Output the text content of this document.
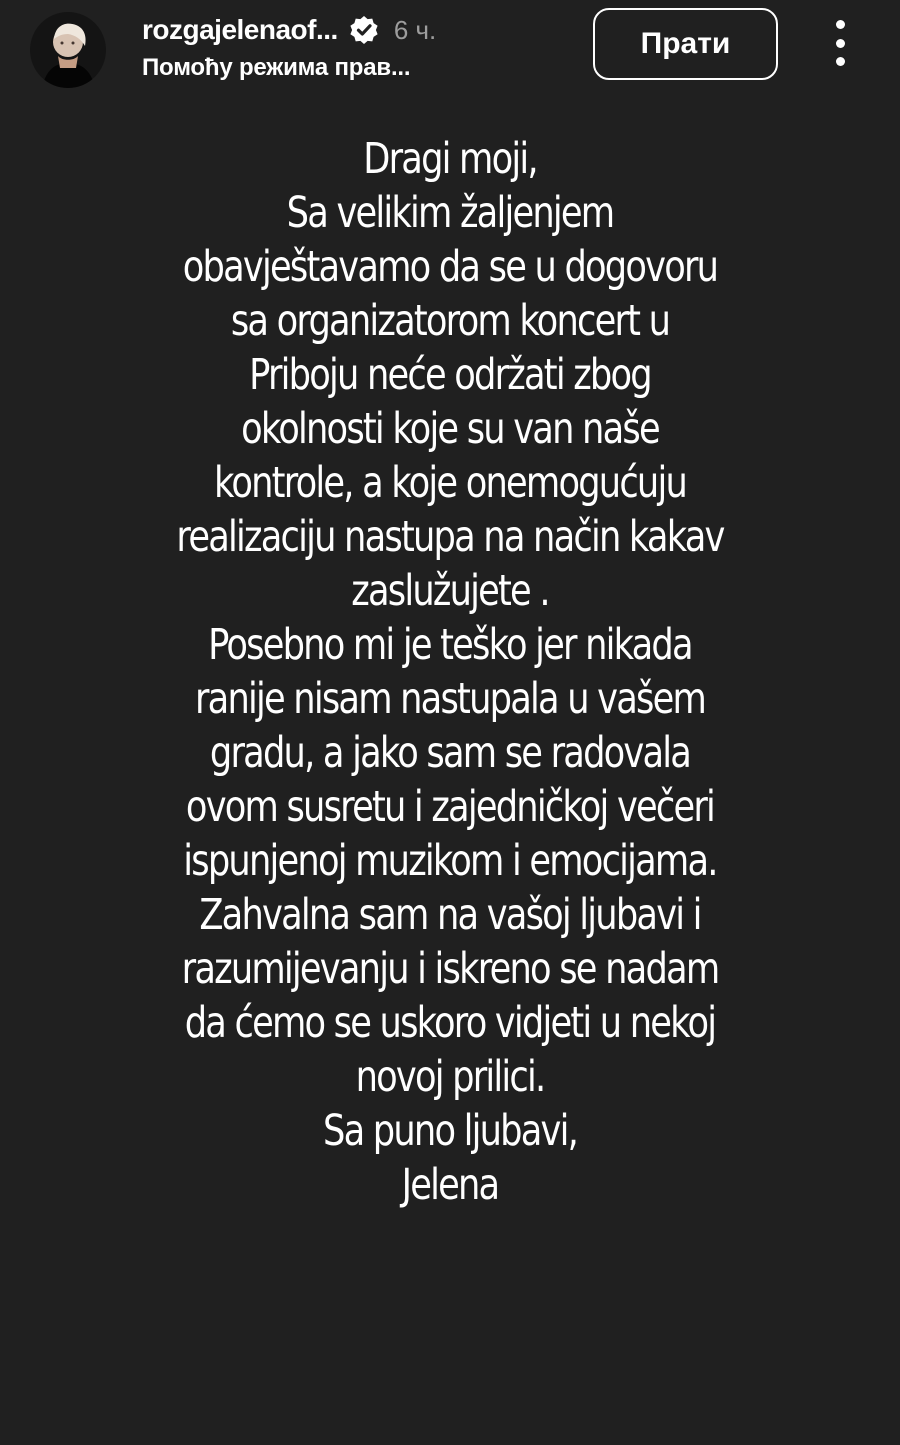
rozgajelenaof... 6 ч.
Помоћу режима прав...
Прати
Dragi moji,
Sa velikim žaljenjem
obavještavamo da se u dogovoru
sa organizatorom koncert u
Priboju neće održati zbog
okolnosti koje su van naše
kontrole, a koje onemogućuju
realizaciju nastupa na način kakav
zaslužujete .
Posebno mi je teško jer nikada
ranije nisam nastupala u vašem
gradu, a jako sam se radovala
ovom susretu i zajedničkoj večeri
ispunjenoj muzikom i emocijama.
Zahvalna sam na vašoj ljubavi i
razumijevanju i iskreno se nadam
da ćemo se uskoro vidjeti u nekoj
novoj prilici.
Sa puno ljubavi,
Jelena
